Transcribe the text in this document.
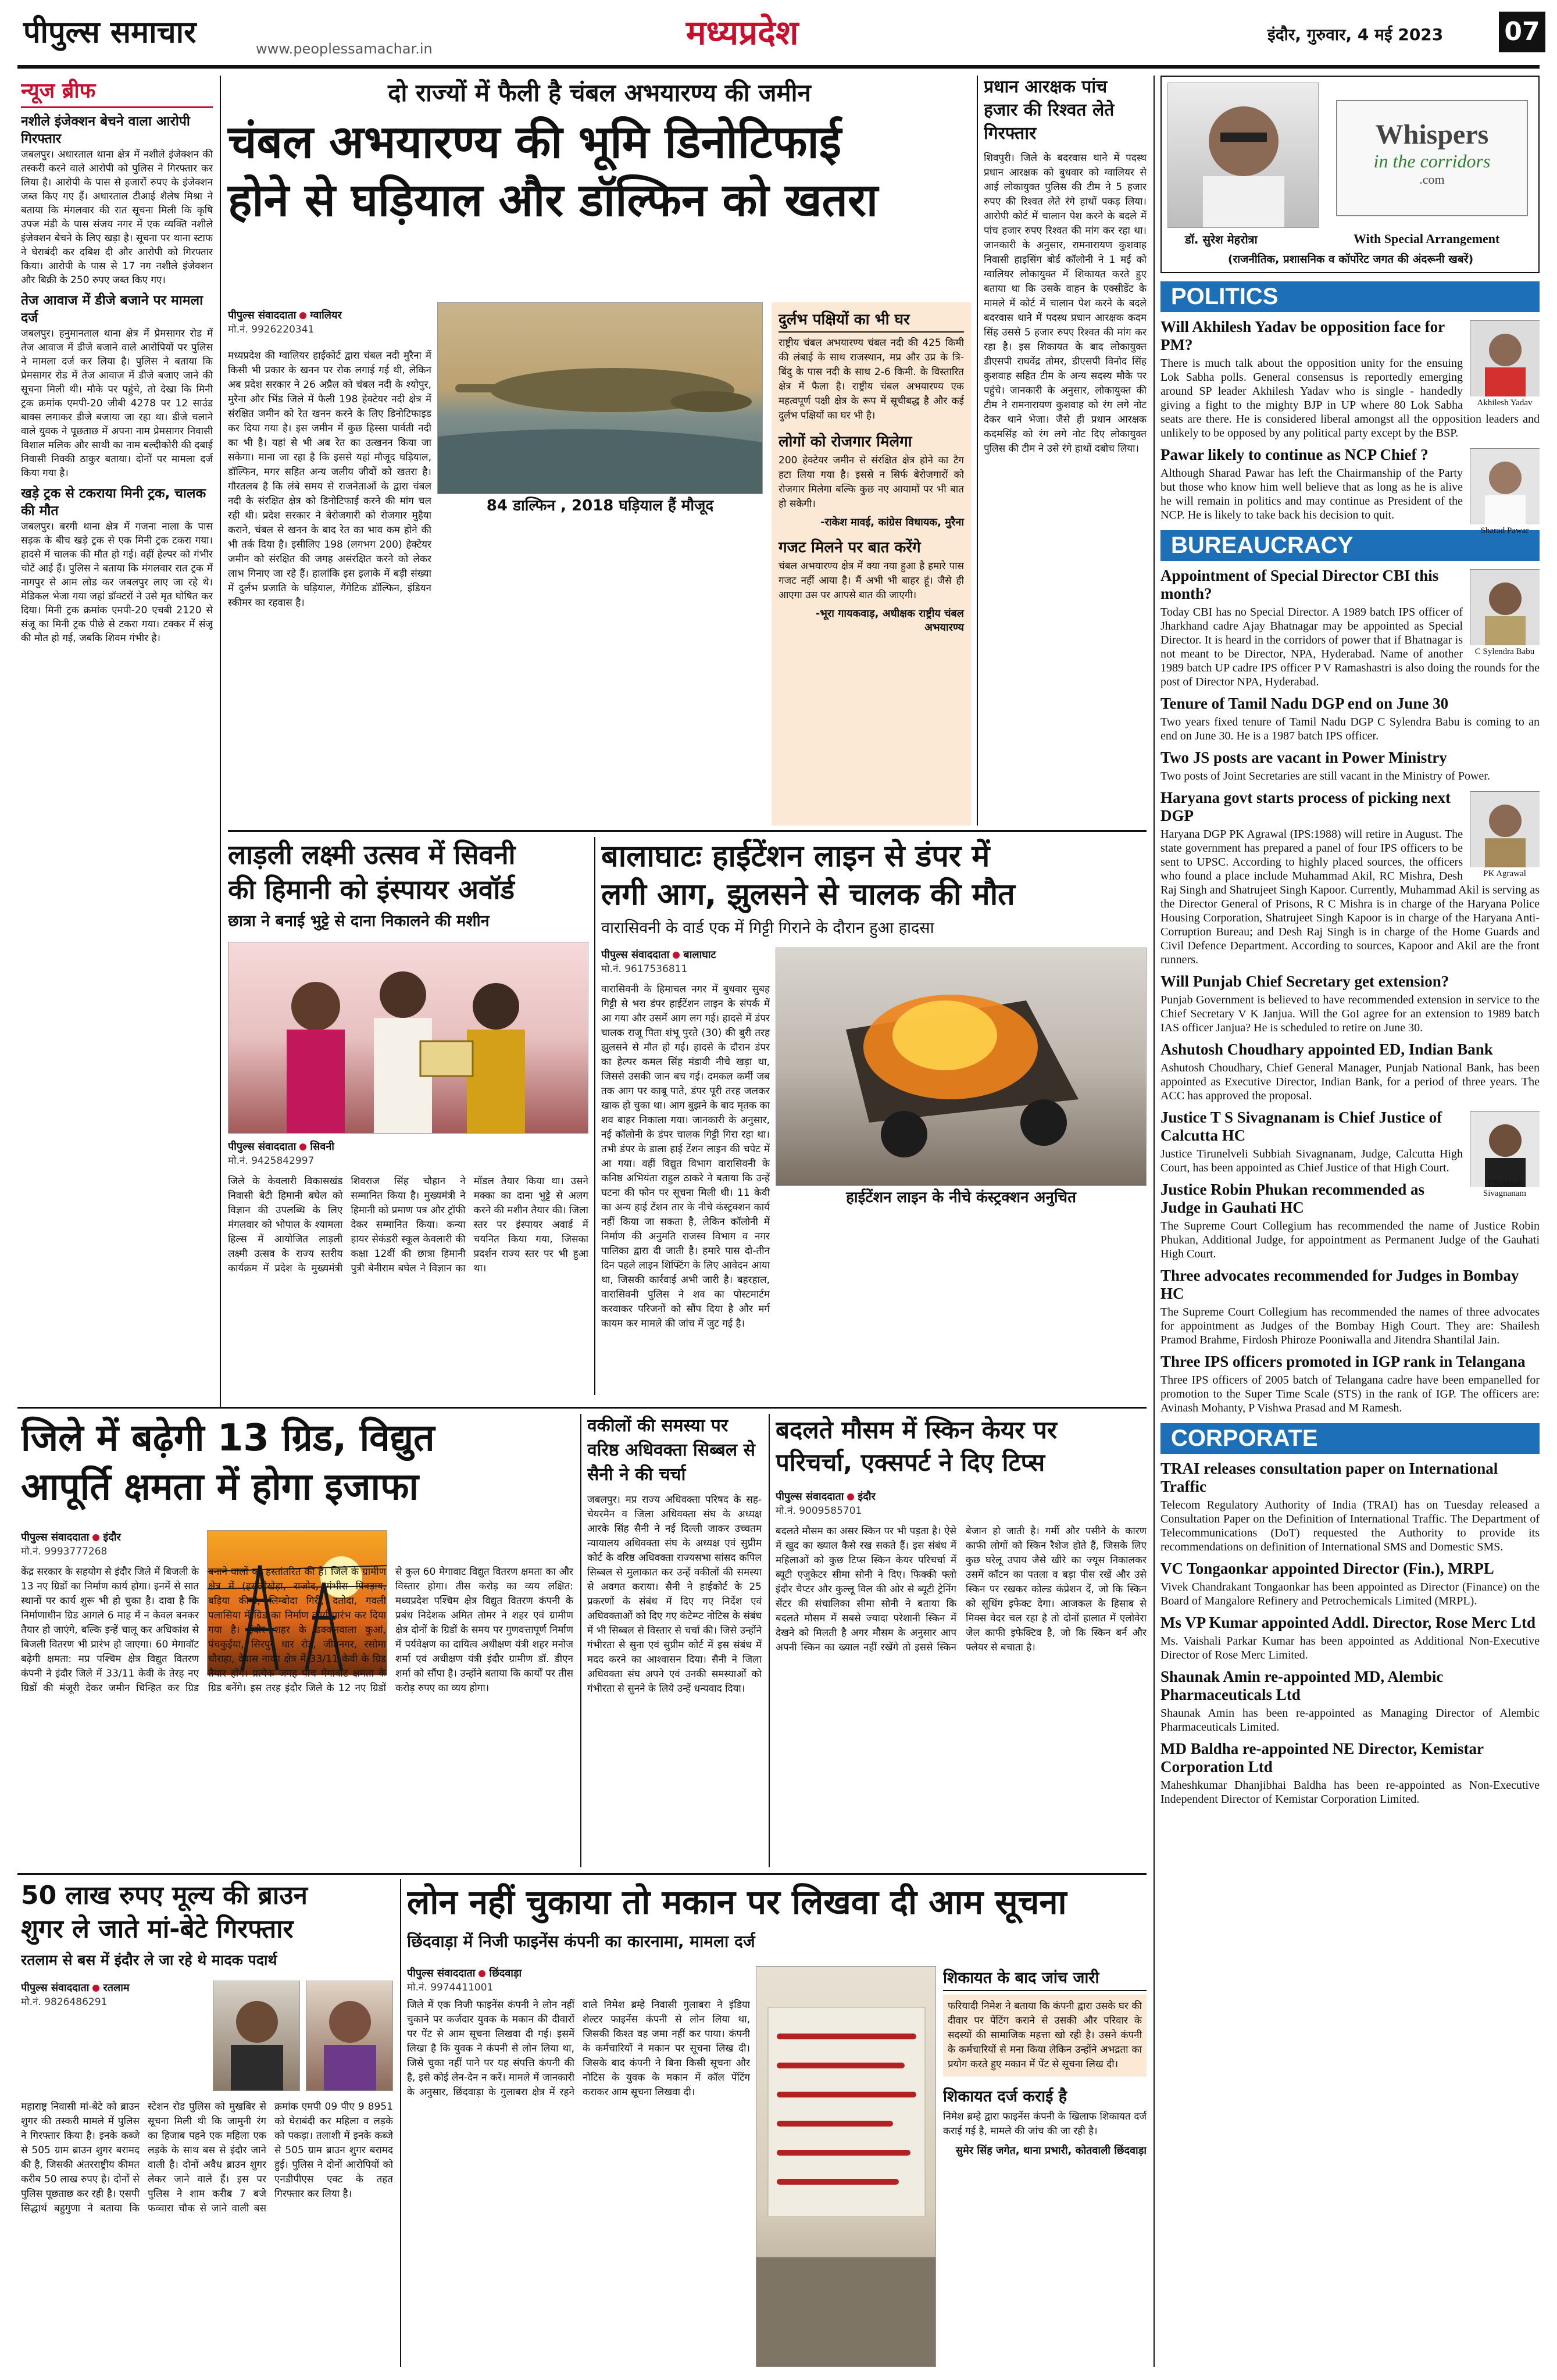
पीपुल्स समाचार	www.peoplessamachar.in	मध्यप्रदेश	इंदौर, गुरुवार, 4 मई 2023 07
न्यूज ब्रीफ
नशीले इंजेक्शन बेचने वाला आरोपी गिरफ्तार
जबलपुर। अधारताल थाना क्षेत्र में नशीले इंजेक्शन की तस्करी करने वाले आरोपी को पुलिस ने गिरफ्तार कर लिया है। आरोपी के पास से हजारों रुपए के इंजेक्शन जब्त किए गए हैं। अधारताल टीआई शैलेष मिश्रा ने बताया कि मंगलवार की रात सूचना मिली कि कृषि उपज मंडी के पास संजय नगर में एक व्यक्ति नशीले इंजेक्शन बेचने के लिए खड़ा है। सूचना पर थाना स्टाफ ने घेराबंदी कर दबिश दी और आरोपी को गिरफ्तार किया। आरोपी के पास से 17 नग नशीले इंजेक्शन और बिक्री के 250 रुपए जब्त किए गए।
तेज आवाज में डीजे बजाने पर मामला दर्ज
जबलपुर। हनुमानताल थाना क्षेत्र में प्रेमसागर रोड में तेज आवाज में डीजे बजाने वाले आरोपियों पर पुलिस ने मामला दर्ज कर लिया है। पुलिस ने बताया कि प्रेमसागर रोड में तेज आवाज में डीजे बजाए जाने की सूचना मिली थी। मौके पर पहुंचे, तो देखा कि मिनी ट्रक क्रमांक एमपी-20 जीबी 4278 पर 12 साउंड बाक्स लगाकर डीजे बजाया जा रहा था। डीजे चलाने वाले युवक ने पूछताछ में अपना नाम प्रेमसागर निवासी विशाल मलिक और साथी का नाम बल्दीकोरी की दबाई निवासी निक्की ठाकुर बताया। दोनों पर मामला दर्ज किया गया है।
खड़े ट्रक से टकराया मिनी ट्रक, चालक की मौत
जबलपुर। बरगी थाना क्षेत्र में गजना नाला के पास सड़क के बीच खड़े ट्रक से एक मिनी ट्रक टकरा गया। हादसे में चालक की मौत हो गई। वहीं हेल्पर को गंभीर चोटें आई हैं। पुलिस ने बताया कि मंगलवार रात ट्रक में नागपुर से आम लोड कर जबलपुर लाए जा रहे थे। मेडिकल भेजा गया जहां डॉक्टरों ने उसे मृत घोषित कर दिया। मिनी ट्रक क्रमांक एमपी-20 एचबी 2120 से संजू का मिनी ट्रक पीछे से टकरा गया। टक्कर में संजू की मौत हो गई, जबकि शिवम गंभीर है।
दो राज्यों में फैली है चंबल अभयारण्य की जमीन
चंबल अभयारण्य की भूमि डिनोटिफाई
होने से घड़ियाल और डॉल्फिन को खतरा
पीपुल्स संवाददाता ग्वालियर
मो.नं. 9926220341
84 डाल्फिन , 2018 घड़ियाल हैं मौजूद
मध्यप्रदेश की ग्वालियर हाईकोर्ट द्वारा चंबल नदी मुरैना में किसी भी प्रकार के खनन पर रोक लगाई गई थी, लेकिन अब प्रदेश सरकार ने 26 अप्रैल को चंबल नदी के श्योपुर, मुरैना और भिंड जिले में फैली 198 हेक्टेयर नदी क्षेत्र में संरक्षित जमीन को रेत खनन करने के लिए डिनोटिफाइड कर दिया गया है। इस जमीन में कुछ हिस्सा पार्वती नदी का भी है। यहां से भी अब रेत का उत्खनन किया जा सकेगा। माना जा रहा है कि इससे यहां मौजूद घड़ियाल, डॉल्फिन, मगर सहित अन्य जलीय जीवों को खतरा है। गौरतलब है कि लंबे समय से राजनेताओं के द्वारा चंबल नदी के संरक्षित क्षेत्र को डिनोटिफाई करने की मांग चल रही थी। प्रदेश सरकार ने बेरोजगारी को रोजगार मुहैया कराने, चंबल से खनन के बाद रेत का भाव कम होने की भी तर्क दिया है। इसीलिए 198 (लगभग 200) हेक्टेयर जमीन को संरक्षित की जगह असंरक्षित करने को लेकर लाभ गिनाए जा रहे हैं। हालांकि इस इलाके में बड़ी संख्या में दुर्लभ प्रजाति के घड़ियाल, गैंगेटिक डॉल्फिन, इंडियन स्कीमर का रहवास है।
दुर्लभ पक्षियों का भी घर
राष्ट्रीय चंबल अभयारण्य चंबल नदी की 425 किमी की लंबाई के साथ राजस्थान, मप्र और उप्र के त्रि-बिंदु के पास नदी के साथ 2-6 किमी. के विस्तारित क्षेत्र में फैला है। राष्ट्रीय चंबल अभयारण्य एक महत्वपूर्ण पक्षी क्षेत्र के रूप में सूचीबद्ध है और कई दुर्लभ पक्षियों का घर भी है।
लोगों को रोजगार मिलेगा
200 हेक्टेयर जमीन से संरक्षित क्षेत्र होने का टैग हटा लिया गया है। इससे न सिर्फ बेरोजगारों को रोजगार मिलेगा बल्कि कुछ नए आयामों पर भी बात हो सकेगी।
-राकेश मावई, कांग्रेस विधायक, मुरैना
गजट मिलने पर बात करेंगे
चंबल अभयारण्य क्षेत्र में क्या नया हुआ है हमारे पास गजट नहीं आया है। मैं अभी भी बाहर हूं। जैसे ही आएगा उस पर आपसे बात की जाएगी।
-भूरा गायकवाड़, अधीक्षक राष्ट्रीय चंबल अभयारण्य
प्रधान आरक्षक पांच हजार की रिश्वत लेते गिरफ्तार
शिवपुरी। जिले के बदरवास थाने में पदस्थ प्रधान आरक्षक को बुधवार को ग्वालियर से आई लोकायुक्त पुलिस की टीम ने 5 हजार रुपए की रिश्वत लेते रंगे हाथों पकड़ लिया। आरोपी कोर्ट में चालान पेश करने के बदले में पांच हजार रुपए रिश्वत की मांग कर रहा था। जानकारी के अनुसार, रामनारायण कुशवाह निवासी हाइसिंग बोर्ड कॉलोनी ने 1 मई को ग्वालियर लोकायुक्त में शिकायत करते हुए बताया था कि उसके वाहन के एक्सीडेंट के मामले में कोर्ट में चालान पेश करने के बदले बदरवास थाने में पदस्थ प्रधान आरक्षक कदम सिंह उससे 5 हजार रुपए रिश्वत की मांग कर रहा है। इस शिकायत के बाद लोकायुक्त डीएसपी राघवेंद्र तोमर, डीएसपी विनोद सिंह कुशवाह सहित टीम के अन्य सदस्य मौके पर पहुंचे। जानकारी के अनुसार, लोकायुक्त की टीम ने रामनारायण कुशवाह को रंग लगे नोट देकर थाने भेजा। जैसे ही प्रधान आरक्षक कदमसिंह को रंग लगे नोट दिए लोकायुक्त पुलिस की टीम ने उसे रंगे हाथों दबोच लिया।
लाड़ली लक्ष्मी उत्सव में सिवनी
की हिमानी को इंस्पायर अवॉर्ड
छात्रा ने बनाई भुट्टे से दाना निकालने की मशीन
पीपुल्स संवाददाता सिवनी
मो.नं. 9425842997
जिले के केवलारी विकासखंड निवासी बेटी हिमानी बघेल को विज्ञान की उपलब्धि के लिए मंगलवार को भोपाल के श्यामला हिल्स में आयोजित लाड़ली लक्ष्मी उत्सव के राज्य स्तरीय कार्यक्रम में प्रदेश के मुख्यमंत्री शिवराज सिंह चौहान ने सम्मानित किया है। मुख्यमंत्री ने हिमानी को प्रमाण पत्र और ट्रॉफी देकर सम्मानित किया। कन्या हायर सेकंडरी स्कूल केवलारी की कक्षा 12वीं की छात्रा हिमानी पुत्री बेनीराम बघेल ने विज्ञान का मॉडल तैयार किया था। उसने मक्का का दाना भुट्टे से अलग करने की मशीन तैयार की। जिला स्तर पर इंस्पायर अवार्ड में चयनित किया गया, जिसका प्रदर्शन राज्य स्तर पर भी हुआ था।
बालाघाटः हाईटेंशन लाइन से डंपर में
लगी आग, झुलसने से चालक की मौत
वारासिवनी के वार्ड एक में गिट्टी गिराने के दौरान हुआ हादसा
पीपुल्स संवाददाता बालाघाट
मो.नं. 9617536811
हाईटेंशन लाइन के नीचे कंस्ट्रक्शन अनुचित
वारासिवनी के हिमाचल नगर में बुधवार सुबह गिट्टी से भरा डंपर हाईटेंशन लाइन के संपर्क में आ गया और उसमें आग लग गई। हादसे में डंपर चालक राजू पिता शंभू पुरते (30) की बुरी तरह झुलसने से मौत हो गई। हादसे के दौरान डंपर का हेल्पर कमल सिंह मंडावी नीचे खड़ा था, जिससे उसकी जान बच गई। दमकल कर्मी जब तक आग पर काबू पाते, डंपर पूरी तरह जलकर खाक हो चुका था। आग बुझने के बाद मृतक का शव बाहर निकाला गया। जानकारी के अनुसार, नई कॉलोनी के डंपर चालक गिट्टी गिरा रहा था। तभी डंपर के डाला हाई टेंशन लाइन की चपेट में आ गया। वहीं विद्युत विभाग वारासिवनी के कनिष्ठ अभियंता राहुल ठाकरे ने बताया कि उन्हें घटना की फोन पर सूचना मिली थी। 11 केवी का अन्य हाई टेंशन तार के नीचे कंस्ट्रक्शन कार्य नहीं किया जा सकता है, लेकिन कॉलोनी में निर्माण की अनुमति राजस्व विभाग व नगर पालिका द्वारा दी जाती है। हमारे पास दो-तीन दिन पहले लाइन शिफ्टिंग के लिए आवेदन आया था, जिसकी कार्रवाई अभी जारी है। बहरहाल, वारासिवनी पुलिस ने शव का पोस्टमार्टम करवाकर परिजनों को सौंप दिया है और मर्ग कायम कर मामले की जांच में जुट गई है।
जिले में बढ़ेगी 13 ग्रिड, विद्युत
आपूर्ति क्षमता में होगा इजाफा
पीपुल्स संवाददाता इंदौर
मो.नं. 9993777268
केंद्र सरकार के सहयोग से इंदौर जिले में बिजली के 13 नए ग्रिडों का निर्माण कार्य होगा। इनमें से सात स्थानों पर कार्य शुरू भी हो चुका है। दावा है कि निर्माणाधीन ग्रिड आगले 6 माह में न केवल बनकर तैयार हो जाएंगे, बल्कि इन्हें चालू कर अधिकांश से बिजली वितरण भी प्रारंभ हो जाएगा। 60 मेगावॉट बढ़ेगी क्षमता: मप्र पश्चिम क्षेत्र विद्युत वितरण कंपनी ने इंदौर जिले में 33/11 केवी के तेरह नए ग्रिडों की मंजूरी देकर जमीन चिन्हित कर ग्रिड बनाने वालों को हस्तांतरित की है। जिले के ग्रामीण क्षेत्र में (हसलीखेड़ा, राजोद, गंभीरा पिवड़ाय, बड़िया कीमा, लिम्बोदा गिरी, दतोदा, गवली पलासिया में ग्रिड का निर्माण कार्य प्रारंभ कर दिया गया है। इंदौर शहर के ढक्कनवाला कुआं, पंचकुईया, सिरपुर धार रोड, जीतनगर, रसोमा चौराहा, देवास नाका क्षेत्र में 33/11 केवी के ग्रिड तैयार होंगे। प्रत्येक जगह पांच मेगावॉट क्षमता के ग्रिड बनेंगे। इस तरह इंदौर जिले के 12 नए ग्रिडों से कुल 60 मेगावाट विद्युत वितरण क्षमता का और विस्तार होगा। तीस करोड़ का व्यय लक्षित: मध्यप्रदेश पश्चिम क्षेत्र विद्युत वितरण कंपनी के प्रबंध निदेशक अमित तोमर ने शहर एवं ग्रामीण क्षेत्र दोनों के ग्रिडों के समय पर गुणवत्तापूर्ण निर्माण में पर्यवेक्षण का दायित्व अधीक्षण यंत्री शहर मनोज शर्मा एवं अधीक्षण यंत्री इंदौर ग्रामीण डॉ. डीएन शर्मा को सौंपा है। उन्होंने बताया कि कार्यों पर तीस करोड़ रुपए का व्यय होगा।
वकीलों की समस्या पर वरिष्ठ अधिवक्ता सिब्बल से सैनी ने की चर्चा
जबलपुर। मप्र राज्य अधिवक्ता परिषद के सह-चेयरमैन व जिला अधिवक्ता संघ के अध्यक्ष आरके सिंह सैनी ने नई दिल्ली जाकर उच्चतम न्यायालय अधिवक्ता संघ के अध्यक्ष एवं सुप्रीम कोर्ट के वरिष्ठ अधिवक्ता राज्यसभा सांसद कपिल सिब्बल से मुलाकात कर उन्हें वकीलों की समस्या से अवगत कराया। सैनी ने हाईकोर्ट के 25 प्रकरणों के संबंध में दिए गए निर्देश एवं अधिवक्ताओं को दिए गए कंटेम्प्ट नोटिस के संबंध में भी सिब्बल से विस्तार से चर्चा की। जिसे उन्होंने गंभीरता से सुना एवं सुप्रीम कोर्ट में इस संबंध में मदद करने का आश्वासन दिया। सैनी ने जिला अधिवक्ता संघ अपने एवं उनकी समस्याओं को गंभीरता से सुनने के लिये उन्हें धन्यवाद दिया।
बदलते मौसम में स्किन केयर पर
परिचर्चा, एक्सपर्ट ने दिए टिप्स
पीपुल्स संवाददाता इंदौर
मो.नं. 9009585701
बदलते मौसम का असर स्किन पर भी पड़ता है। ऐसे में खुद का ख्याल कैसे रख सकते हैं। इस संबंध में महिलाओं को कुछ टिप्स स्किन केयर परिचर्चा में ब्यूटी एजुकेटर सीमा सोनी ने दिए। फिक्की फ्लो इंदौर चैप्टर और कुल्लू विल की ओर से ब्यूटी ट्रेनिंग सेंटर की संचालिका सीमा सोनी ने बताया कि बदलते मौसम में सबसे ज्यादा परेशानी स्किन में देखने को मिलती है अगर मौसम के अनुसार आप अपनी स्किन का ख्याल नहीं रखेंगे तो इससे स्किन बेजान हो जाती है। गर्मी और पसीने के कारण काफी लोगों को स्किन रैशेज होते हैं, जिसके लिए कुछ घरेलू उपाय जैसे खीरे का ज्यूस निकालकर उसमें कॉटन का पतला व बड़ा पीस रखें और उसे स्किन पर रखकर कोल्ड कंप्रेशन दें, जो कि स्किन को सूथिंग इफेक्ट देगा। आजकल के हिसाब से मिक्स वेदर चल रहा है तो दोनों हालात में एलोवेरा जेल काफी इफेक्टिव है, जो कि स्किन बर्न और फ्लेयर से बचाता है।
50 लाख रुपए मूल्य की ब्राउन
शुगर ले जाते मां-बेटे गिरफ्तार
रतलाम से बस में इंदौर ले जा रहे थे मादक पदार्थ
पीपुल्स संवाददाता रतलाम
मो.नं. 9826486291
महाराष्ट्र निवासी मां-बेटे को ब्राउन शुगर की तस्करी मामले में पुलिस ने गिरफ्तार किया है। इनके कब्जे से 505 ग्राम ब्राउन शुगर बरामद की है, जिसकी अंतरराष्ट्रीय कीमत करीब 50 लाख रुपए है। दोनों से पुलिस पूछताछ कर रही है। एसपी सिद्धार्थ बहुगुणा ने बताया कि स्टेशन रोड पुलिस को मुखबिर से सूचना मिली थी कि जामुनी रंग का हिजाब पहने एक महिला एक लड़के के साथ बस से इंदौर जाने वाली है। दोनों अवैध ब्राउन शुगर लेकर जाने वाले हैं। इस पर पुलिस ने शाम करीब 7 बजे फव्वारा चौक से जाने वाली बस क्रमांक एमपी 09 पीए 9 8951 को घेराबंदी कर महिला व लड़के को पकड़ा। तलाशी में इनके कब्जे से 505 ग्राम ब्राउन शुगर बरामद हुई। पुलिस ने दोनों आरोपियों को एनडीपीएस एक्ट के तहत गिरफ्तार कर लिया है।
लोन नहीं चुकाया तो मकान पर लिखवा दी आम सूचना
छिंदवाड़ा में निजी फाइनेंस कंपनी का कारनामा, मामला दर्ज
पीपुल्स संवाददाता छिंदवाड़ा
मो.नं. 9974411001
जिले में एक निजी फाइनेंस कंपनी ने लोन नहीं चुकाने पर कर्जदार युवक के मकान की दीवारों पर पेंट से आम सूचना लिखवा दी गई। इसमें लिखा है कि युवक ने कंपनी से लोन लिया था, जिसे चुका नहीं पाने पर यह संपत्ति कंपनी की है, इसे कोई लेन-देन न करें। मामले में जानकारी के अनुसार, छिंदवाड़ा के गुलाबरा क्षेत्र में रहने वाले निमेश ब्रम्हे निवासी गुलाबरा ने इंडिया शेल्टर फाइनेंस कंपनी से लोन लिया था, जिसकी किश्त वह जमा नहीं कर पाया। कंपनी के कर्मचारियों ने मकान पर सूचना लिख दी। जिसके बाद कंपनी ने बिना किसी सूचना और नोटिस के युवक के मकान में कॉल पेंटिंग कराकर आम सूचना लिखवा दी।
शिकायत के बाद जांच जारी
फरियादी निमेश ने बताया कि कंपनी द्वारा उसके घर की दीवार पर पेंटिंग कराने से उसकी और परिवार के सदस्यों की सामाजिक महत्ता खो रही है। उसने कंपनी के कर्मचारियों से मना किया लेकिन उन्होंने अभद्रता का प्रयोग करते हुए मकान में पेंट से सूचना लिख दी।
शिकायत दर्ज कराई है
निमेश ब्रम्हे द्वारा फाइनेंस कंपनी के खिलाफ शिकायत दर्ज कराई गई है, मामले की जांच की जा रही है।
सुमेर सिंह जगेत, थाना प्रभारी, कोतवाली छिंदवाड़ा
Whispers
in the corridors
.com
डॉ. सुरेश मेहरोत्रा	With Special Arrangement
(राजनीतिक, प्रशासनिक व कॉर्पोरेट जगत की अंदरूनी खबरें)
POLITICS
Akhilesh Yadav
Will Akhilesh Yadav be opposition face for PM?
There is much talk about the opposition unity for the ensuing Lok Sabha polls. General consensus is reportedly emerging around SP leader Akhilesh Yadav who is single - handedly giving a fight to the mighty BJP in UP where 80 Lok Sabha seats are there. He is considered liberal amongst all the opposition leaders and unlikely to be opposed by any political party except by the BSP.
Sharad Pawar
Pawar likely to continue as NCP Chief ?
Although Sharad Pawar has left the Chairmanship of the Party but those who know him well believe that as long as he is alive he will remain in politics and may continue as President of the NCP. He is likely to take back his decision to quit.
BUREAUCRACY
C Sylendra Babu
Appointment of Special Director CBI this month?
Today CBI has no Special Director. A 1989 batch IPS officer of Jharkhand cadre Ajay Bhatnagar may be appointed as Special Director. It is heard in the corridors of power that if Bhatnagar is not meant to be Director, NPA, Hyderabad. Name of another 1989 batch UP cadre IPS officer P V Ramashastri is also doing the rounds for the post of Director NPA, Hyderabad.
Tenure of Tamil Nadu DGP end on June 30
Two years fixed tenure of Tamil Nadu DGP C Sylendra Babu is coming to an end on June 30. He is a 1987 batch IPS officer.
Two JS posts are vacant in Power Ministry
Two posts of Joint Secretaries are still vacant in the Ministry of Power.
PK Agrawal
Haryana govt starts process of picking next DGP
Haryana DGP PK Agrawal (IPS:1988) will retire in August. The state government has prepared a panel of four IPS officers to be sent to UPSC. According to highly placed sources, the officers who found a place include Muhammad Akil, RC Mishra, Desh Raj Singh and Shatrujeet Singh Kapoor. Currently, Muhammad Akil is serving as the Director General of Prisons, R C Mishra is in charge of the Haryana Police Housing Corporation, Shatrujeet Singh Kapoor is in charge of the Haryana Anti-Corruption Bureau; and Desh Raj Singh is in charge of the Home Guards and Civil Defence Department. According to sources, Kapoor and Akil are the front runners.
Will Punjab Chief Secretary get extension?
Punjab Government is believed to have recommended extension in service to the Chief Secretary V K Janjua. Will the GoI agree for an extension to 1989 batch IAS officer Janjua? He is scheduled to retire on June 30.
Ashutosh Choudhary appointed ED, Indian Bank
Ashutosh Choudhary, Chief General Manager, Punjab National Bank, has been appointed as Executive Director, Indian Bank, for a period of three years. The ACC has approved the proposal.
T Subbiah Sivagnanam
Justice T S Sivagnanam is Chief Justice of Calcutta HC
Justice Tirunelveli Subbiah Sivagnanam, Judge, Calcutta High Court, has been appointed as Chief Justice of that High Court.
Justice Robin Phukan recommended as Judge in Gauhati HC
The Supreme Court Collegium has recommended the name of Justice Robin Phukan, Additional Judge, for appointment as Permanent Judge of the Gauhati High Court.
Three advocates recommended for Judges in Bombay HC
The Supreme Court Collegium has recommended the names of three advocates for appointment as Judges of the Bombay High Court. They are: Shailesh Pramod Brahme, Firdosh Phiroze Pooniwalla and Jitendra Shantilal Jain.
Three IPS officers promoted in IGP rank in Telangana
Three IPS officers of 2005 batch of Telangana cadre have been empanelled for promotion to the Super Time Scale (STS) in the rank of IGP. The officers are: Avinash Mohanty, P Vishwa Prasad and M Ramesh.
CORPORATE
TRAI releases consultation paper on International Traffic
Telecom Regulatory Authority of India (TRAI) has on Tuesday released a Consultation Paper on the Definition of International Traffic. The Department of Telecommunications (DoT) requested the Authority to provide its recommendations on definition of International SMS and Domestic SMS.
VC Tongaonkar appointed Director (Fin.), MRPL
Vivek Chandrakant Tongaonkar has been appointed as Director (Finance) on the Board of Mangalore Refinery and Petrochemicals Limited (MRPL).
Ms VP Kumar appointed Addl. Director, Rose Merc Ltd
Ms. Vaishali Parkar Kumar has been appointed as Additional Non-Executive Director of Rose Merc Limited.
Shaunak Amin re-appointed MD, Alembic Pharmaceuticals Ltd
Shaunak Amin has been re-appointed as Managing Director of Alembic Pharmaceuticals Limited.
MD Baldha re-appointed NE Director, Kemistar Corporation Ltd
Maheshkumar Dhanjibhai Baldha has been re-appointed as Non-Executive Independent Director of Kemistar Corporation Limited.
